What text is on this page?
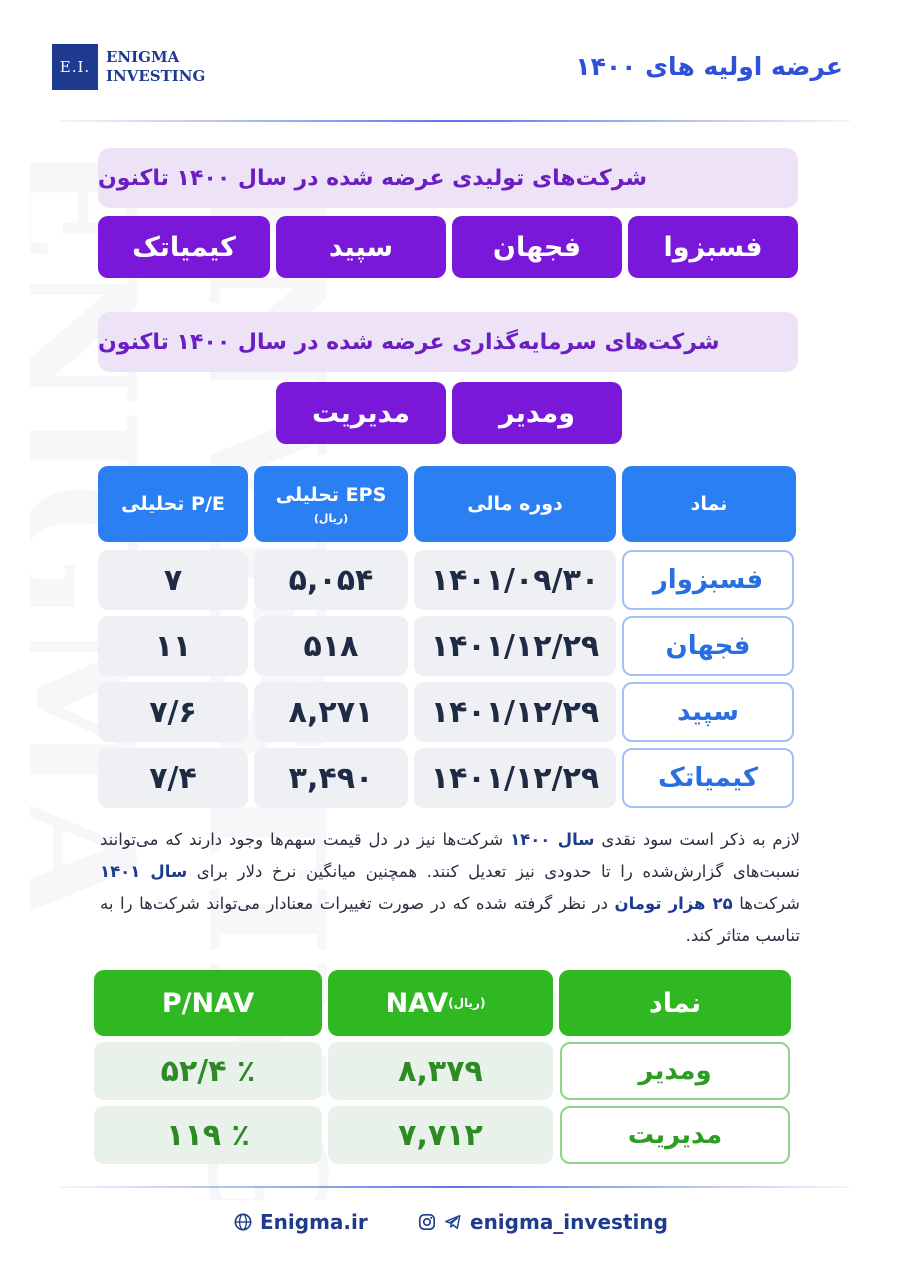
E.I.
ENIGMA
INVESTING	عرضه اولیه های ۱۴۰۰
شرکت‌های تولیدی عرضه شده در سال ۱۴۰۰ تاکنون
فسبزوا
فجهان
سپید
کیمیاتک
شرکت‌های سرمایه‌گذاری عرضه شده در سال ۱۴۰۰ تاکنون
ومدیر
مدیریت
نماد
دوره مالی
EPS تحلیلی
(ریال)
P/E تحلیلی
فسبزوار
۱۴۰۱/۰۹/۳۰
۵,۰۵۴
۷
فجهان
۱۴۰۱/۱۲/۲۹
۵۱۸
۱۱
سپید
۱۴۰۱/۱۲/۲۹
۸,۲۷۱
۷/۶
کیمیاتک
۱۴۰۱/۱۲/۲۹
۳,۴۹۰
۷/۴
لازم به ذکر است سود نقدی سال ۱۴۰۰ شرکت‌ها نیز در دل قیمت سهم‌ها وجود دارند که می‌توانند نسبت‌های گزارش‌شده را تا حدودی نیز تعدیل کنند. همچنین میانگین نرخ دلار برای سال ۱۴۰۱ شرکت‌ها ۲۵ هزار تومان در نظر گرفته شده که در صورت تغییرات معنادار می‌تواند شرکت‌ها را به تناسب متاثر کند.
نماد
NAV (ریال)
P/NAV
ومدیر
۸,۳۷۹
۵۲/۴ ٪
مدیریت
۷,۷۱۲
۱۱۹ ٪
Enigma.ir	enigma_investing
